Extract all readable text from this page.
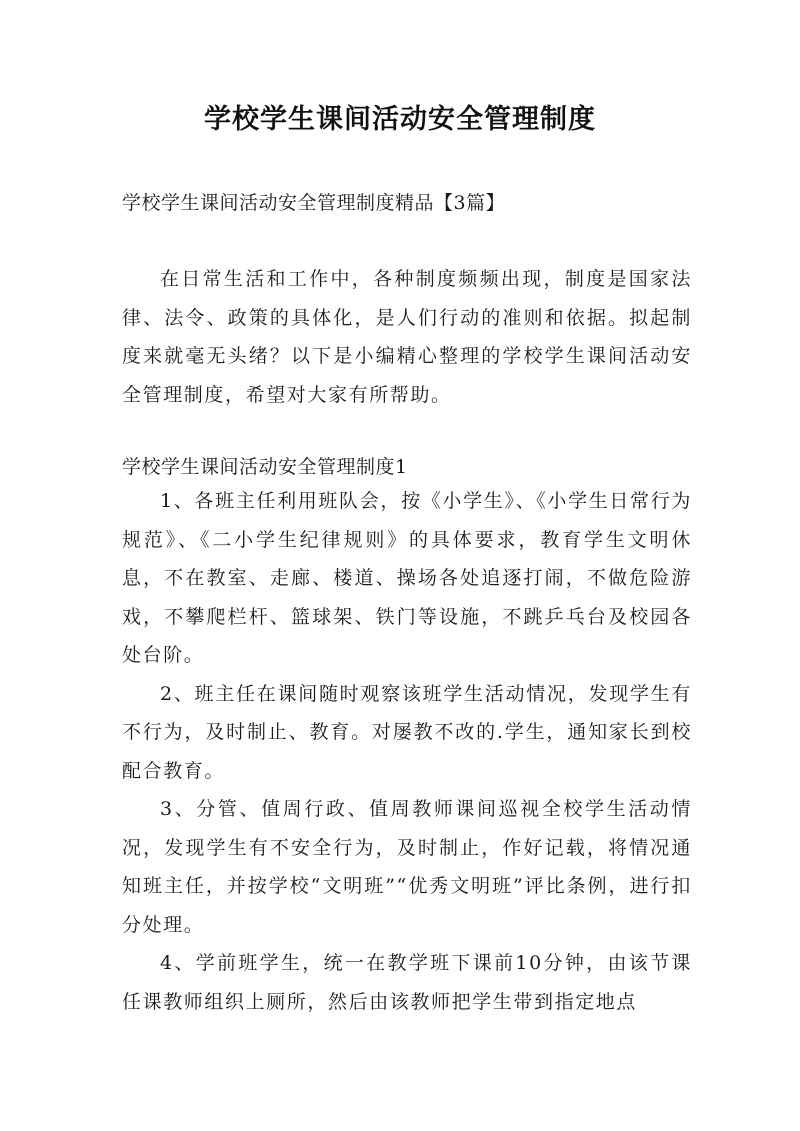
学校学生课间活动安全管理制度
学校学生课间活动安全管理制度精品【3篇】

在日常生活和工作中，各种制度频频出现，制度是国家法律、法令、政策的具体化，是人们行动的准则和依据。拟起制度来就毫无头绪？以下是小编精心整理的学校学生课间活动安全管理制度，希望对大家有所帮助。

学校学生课间活动安全管理制度1

1、各班主任利用班队会，按《小学生》、《小学生日常行为规范》、《二小学生纪律规则》的具体要求，教育学生文明休息，不在教室、走廊、楼道、操场各处追逐打闹，不做危险游戏，不攀爬栏杆、篮球架、铁门等设施，不跳乒乓台及校园各处台阶。

2、班主任在课间随时观察该班学生活动情况，发现学生有不行为，及时制止、教育。对屡教不改的.学生，通知家长到校配合教育。

3、分管、值周行政、值周教师课间巡视全校学生活动情况，发现学生有不安全行为，及时制止，作好记载，将情况通知班主任，并按学校“文明班”“优秀文明班”评比条例，进行扣分处理。

4、学前班学生，统一在教学班下课前10分钟，由该节课任课教师组织上厕所，然后由该教师把学生带到指定地点
